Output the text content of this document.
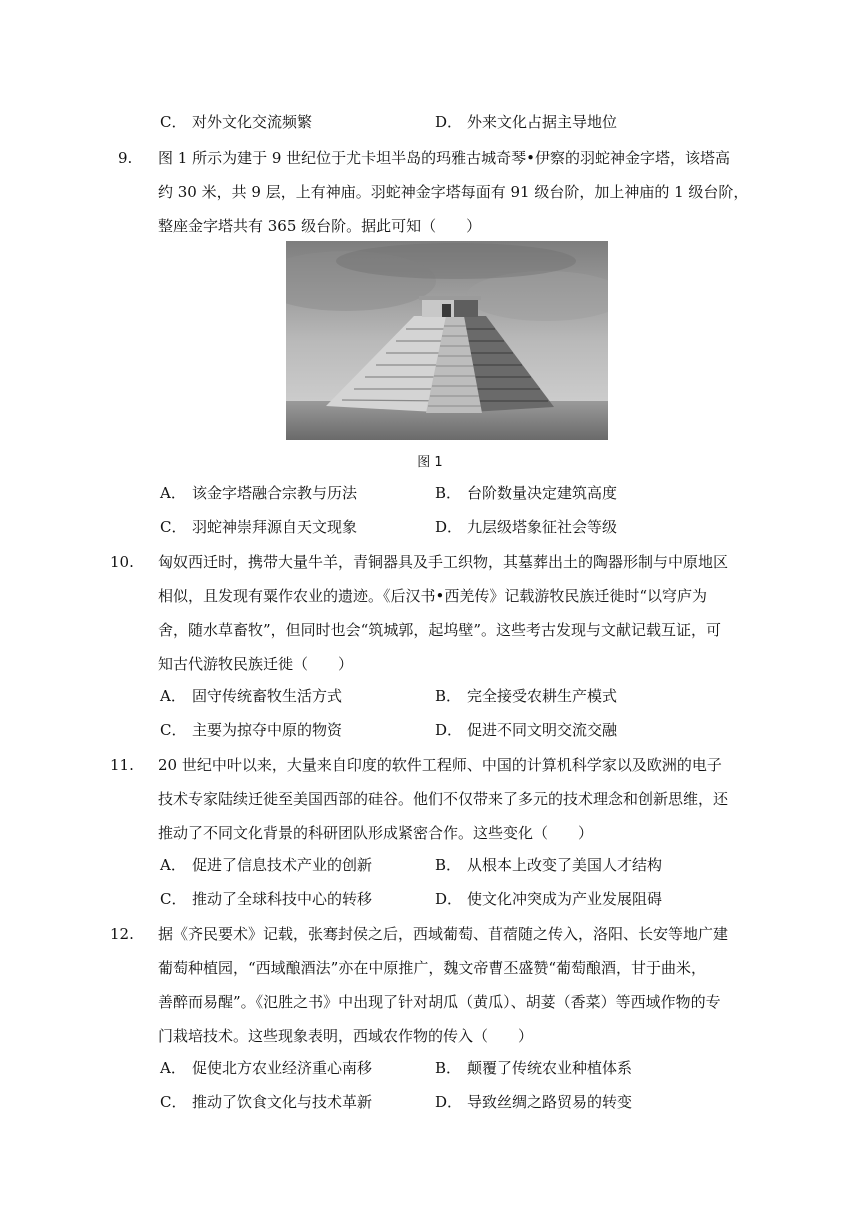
C． 对外文化交流频繁	D． 外来文化占据主导地位
9.	图 1 所示为建于 9 世纪位于尤卡坦半岛的玛雅古城奇琴•伊察的羽蛇神金字塔，该塔高
约 30 米，共 9 层，上有神庙。羽蛇神金字塔每面有 91 级台阶，加上神庙的 1 级台阶，
整座金字塔共有 365 级台阶。据此可知（　　）
图 1
A． 该金字塔融合宗教与历法	B． 台阶数量决定建筑高度
C． 羽蛇神崇拜源自天文现象	D． 九层级塔象征社会等级
10.	匈奴西迁时，携带大量牛羊，青铜器具及手工织物，其墓葬出土的陶器形制与中原地区
相似，且发现有粟作农业的遗迹。《后汉书•西羌传》记载游牧民族迁徙时“以穹庐为
舍，随水草畜牧”，但同时也会“筑城郭，起坞壁”。这些考古发现与文献记载互证，可
知古代游牧民族迁徙（　　）
A． 固守传统畜牧生活方式	B． 完全接受农耕生产模式
C． 主要为掠夺中原的物资	D． 促进不同文明交流交融
11.	20 世纪中叶以来，大量来自印度的软件工程师、中国的计算机科学家以及欧洲的电子
技术专家陆续迁徙至美国西部的硅谷。他们不仅带来了多元的技术理念和创新思维，还
推动了不同文化背景的科研团队形成紧密合作。这些变化（　　）
A． 促进了信息技术产业的创新	B． 从根本上改变了美国人才结构
C． 推动了全球科技中心的转移	D． 使文化冲突成为产业发展阻碍
12.	据《齐民要术》记载，张骞封侯之后，西域葡萄、苜蓿随之传入，洛阳、长安等地广建
葡萄种植园，“西域酿酒法”亦在中原推广，魏文帝曹丕盛赞“葡萄酿酒，甘于曲米，
善醉而易醒”。《氾胜之书》中出现了针对胡瓜（黄瓜）、胡荽（香菜）等西域作物的专
门栽培技术。这些现象表明，西域农作物的传入（　　）
A． 促使北方农业经济重心南移	B． 颠覆了传统农业种植体系
C． 推动了饮食文化与技术革新	D． 导致丝绸之路贸易的转变
